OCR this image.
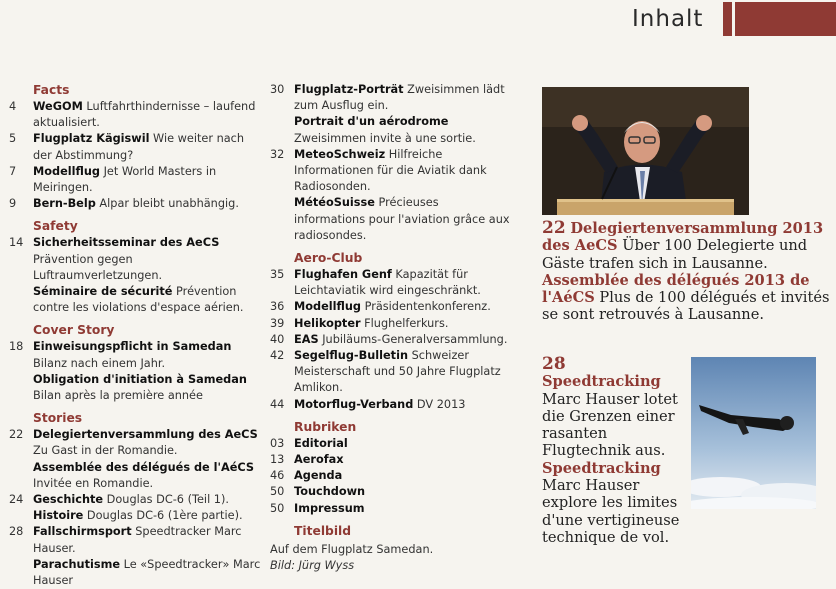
Inhalt
Facts
4	WeGOM Luftfahrthindernisse – laufend aktualisiert.
5	Flugplatz Kägiswil Wie weiter nach der Abstimmung?
7	Modellflug Jet World Masters in Meiringen.
9	Bern-Belp Alpar bleibt unabhängig.
Safety
14 Sicherheitsseminar des AeCS Prävention gegen Luftraumverletzungen.
Séminaire de sécurité Prévention contre les violations d'espace aérien.
Cover Story
18 Einweisungspflicht in Samedan Bilanz nach einem Jahr.
Obligation d'initiation à Samedan Bilan après la première année
Stories
22 Delegiertenversammlung des AeCS Zu Gast in der Romandie.
Assemblée des délégués de l'AéCS Invitée en Romandie.
24 Geschichte Douglas DC-6 (Teil 1).
Histoire Douglas DC-6 (1ère partie).
28 Fallschirmsport Speedtracker Marc Hauser.
Parachutisme Le «Speedtracker» Marc Hauser
30 Flugplatz-Porträt Zweisimmen lädt zum Ausflug ein.
Portrait d'un aérodrome Zweisimmen invite à une sortie.
32 MeteoSchweiz Hilfreiche Informationen für die Aviatik dank Radiosonden.
MétéoSuisse Précieuses informations pour l'aviation grâce aux radiosondes.
Aero-Club
35 Flughafen Genf Kapazität für Leichtaviatik wird eingeschränkt.
36 Modellflug Präsidentenkonferenz.
39 Helikopter Flughelferkurs.
40 EAS Jubiläums-Generalversammlung.
42 Segelflug-Bulletin Schweizer Meisterschaft und 50 Jahre Flugplatz Amlikon.
44 Motorflug-Verband DV 2013
Rubriken
03 Editorial
13 Aerofax
46 Agenda
50 Touchdown
50 Impressum
Titelbild
Auf dem Flugplatz Samedan.
Bild: Jürg Wyss
22 Delegiertenversammlung 2013 des AeCS Über 100 Delegierte und Gäste trafen sich in Lausanne. Assemblée des délégués 2013 de l'AéCS Plus de 100 délégués et invités se sont retrouvés à Lausanne.
28 Speedtracking Marc Hauser lotet die Grenzen einer rasanten Flugtechnik aus. Speedtracking Marc Hauser explore les limites d'une vertigineuse technique de vol.
